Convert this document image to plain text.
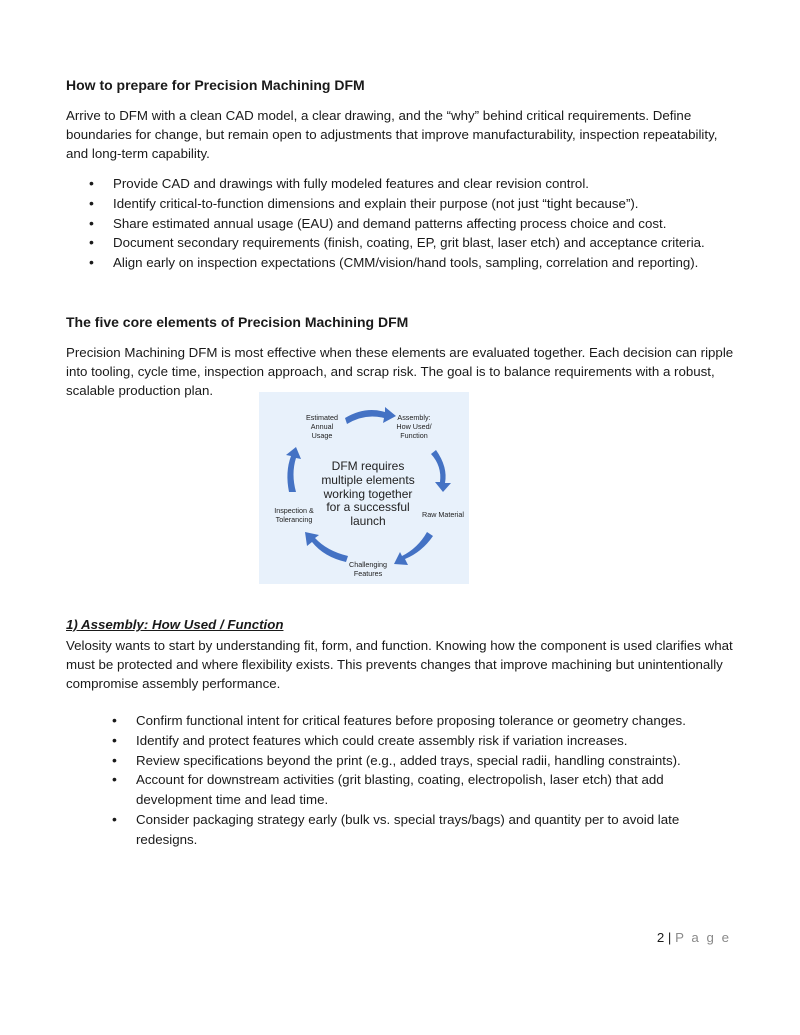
How to prepare for Precision Machining DFM

Arrive to DFM with a clean CAD model, a clear drawing, and the “why” behind critical requirements. Define boundaries for change, but remain open to adjustments that improve manufacturability, inspection repeatability, and long-term capability.

• Provide CAD and drawings with fully modeled features and clear revision control.
• Identify critical-to-function dimensions and explain their purpose (not just “tight because”).
• Share estimated annual usage (EAU) and demand patterns affecting process choice and cost.
• Document secondary requirements (finish, coating, EP, grit blast, laser etch) and acceptance criteria.
• Align early on inspection expectations (CMM/vision/hand tools, sampling, correlation and reporting).
The five core elements of Precision Machining DFM

Precision Machining DFM is most effective when these elements are evaluated together. Each decision can ripple into tooling, cycle time, inspection approach, and scrap risk. The goal is to balance requirements with a robust, scalable production plan.

DFM requires
multiple elements
working together
for a successful
launch
Estimated
Annual
Usage
Assembly:
How Used/
Function
Raw Material
Challenging
Features
Inspection &
Tolerancing

1) Assembly: How Used / Function

Velosity wants to start by understanding fit, form, and function. Knowing how the component is used clarifies what must be protected and where flexibility exists. This prevents changes that improve machining but unintentionally compromise assembly performance.

• Confirm functional intent for critical features before proposing tolerance or geometry changes.
• Identify and protect features which could create assembly risk if variation increases.
• Review specifications beyond the print (e.g., added trays, special radii, handling constraints).
• Account for downstream activities (grit blasting, coating, electropolish, laser etch) that add development time and lead time.
• Consider packaging strategy early (bulk vs. special trays/bags) and quantity per to avoid late redesigns.
2 | P a g e
